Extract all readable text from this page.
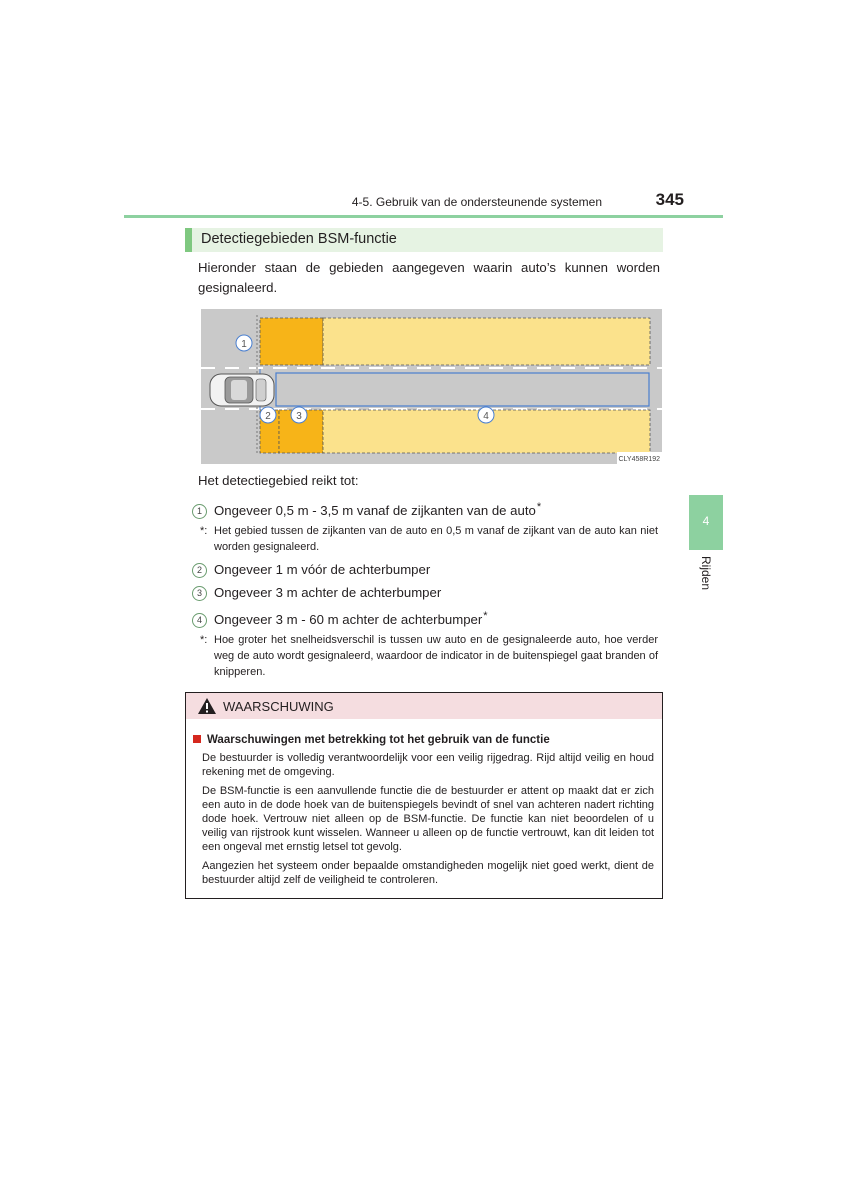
4-5. Gebruik van de ondersteunende systemen	345
Detectiegebieden BSM-functie
Hieronder staan de gebieden aangegeven waarin auto’s kunnen worden gesignaleerd.
1
2	3	4
CLY458R192
Het detectiegebied reikt tot:
1 Ongeveer 0,5 m - 3,5 m vanaf de zijkanten van de auto*
*: Het gebied tussen de zijkanten van de auto en 0,5 m vanaf de zijkant van de auto kan niet worden gesignaleerd.
2 Ongeveer 1 m vóór de achterbumper
3 Ongeveer 3 m achter de achterbumper
4 Ongeveer 3 m - 60 m achter de achterbumper*
*: Hoe groter het snelheidsverschil is tussen uw auto en de gesignaleerde auto, hoe verder weg de auto wordt gesignaleerd, waardoor de indicator in de buitenspiegel gaat branden of knipperen.
WAARSCHUWING
Waarschuwingen met betrekking tot het gebruik van de functie
De bestuurder is volledig verantwoordelijk voor een veilig rijgedrag. Rijd altijd veilig en houd rekening met de omgeving.
De BSM-functie is een aanvullende functie die de bestuurder er attent op maakt dat er zich een auto in de dode hoek van de buitenspiegels bevindt of snel van achteren nadert richting dode hoek. Vertrouw niet alleen op de BSM-functie. De functie kan niet beoordelen of u veilig van rijstrook kunt wisselen. Wanneer u alleen op de functie vertrouwt, kan dit leiden tot een ongeval met ernstig letsel tot gevolg.
Aangezien het systeem onder bepaalde omstandigheden mogelijk niet goed werkt, dient de bestuurder altijd zelf de veiligheid te controleren.
4
Rijden
